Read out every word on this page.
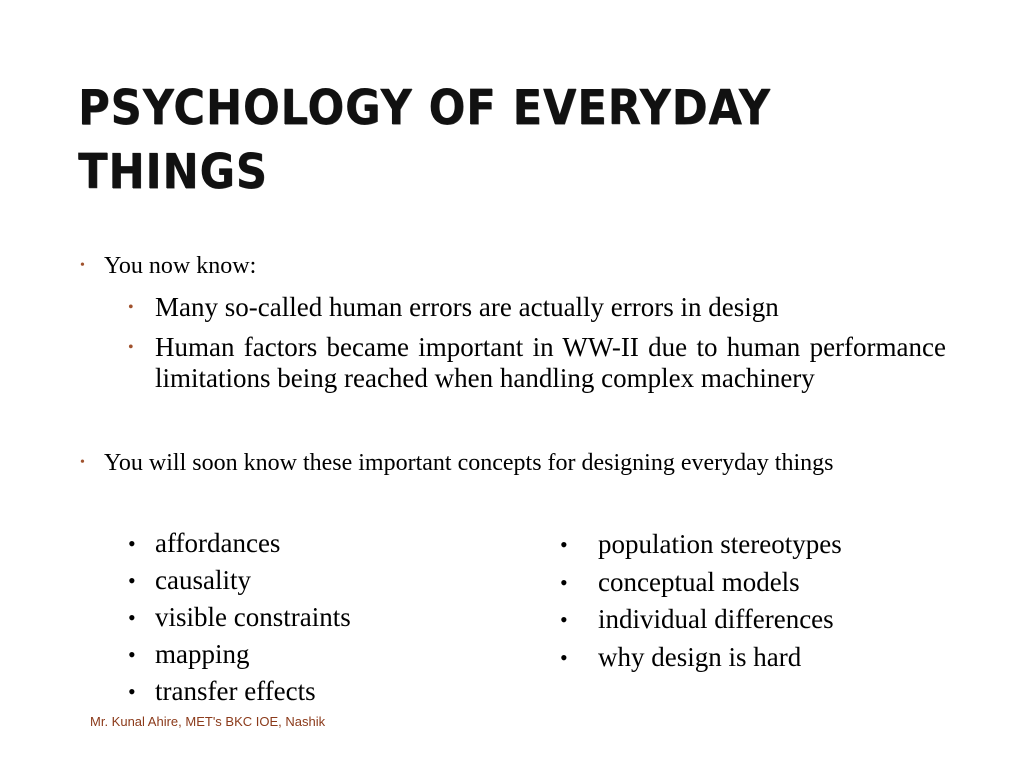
PSYCHOLOGY OF EVERYDAY THINGS
• You now know:
• Many so-called human errors are actually errors in design
• Human factors became important in WW-II due to human performance limitations being reached when handling complex machinery
• You will soon know these important concepts for designing everyday things
• affordances
• causality
• visible constraints
• mapping
• transfer effects
• population stereotypes
• conceptual models
• individual differences
• why design is hard
Mr. Kunal Ahire, MET's BKC IOE, Nashik
